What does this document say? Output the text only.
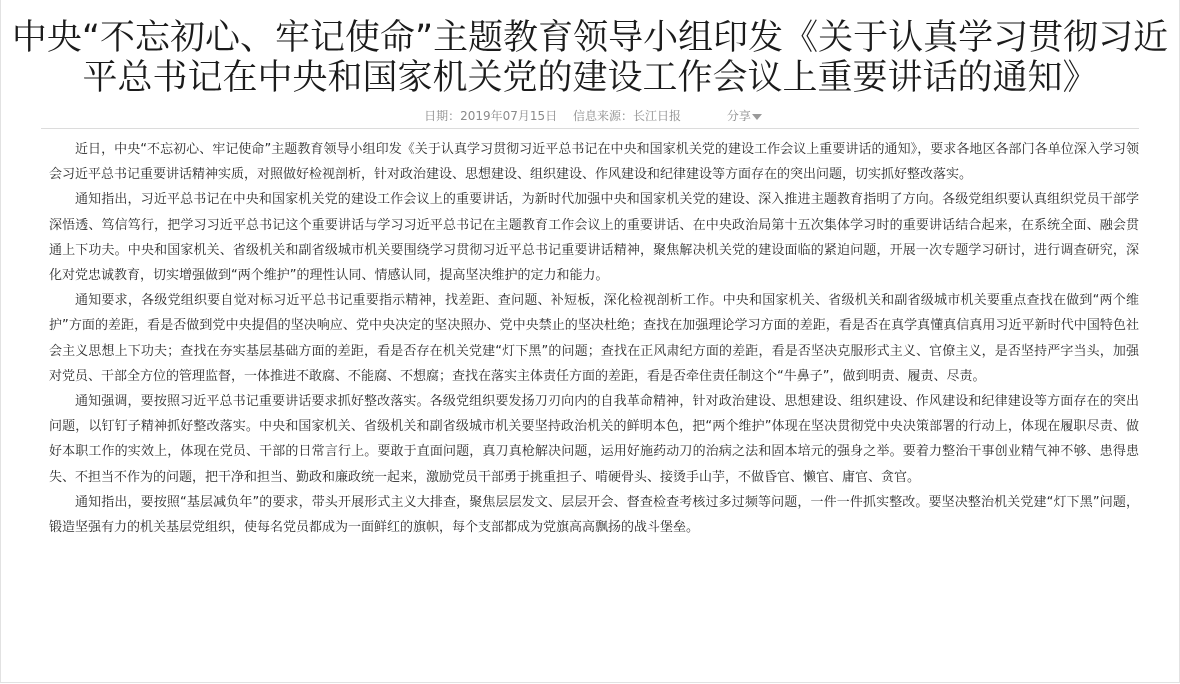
中央“不忘初心、牢记使命”主题教育领导小组印发《关于认真学习贯彻习近平总书记在中央和国家机关党的建设工作会议上重要讲话的通知》
日期：2019年07月15日 信息来源：长江日报	分享

近日，中央“不忘初心、牢记使命”主题教育领导小组印发《关于认真学习贯彻习近平总书记在中央和国家机关党的建设工作会议上重要讲话的通知》，要求各地区各部门各单位深入学习领会习近平总书记重要讲话精神实质，对照做好检视剖析，针对政治建设、思想建设、组织建设、作风建设和纪律建设等方面存在的突出问题，切实抓好整改落实。

通知指出，习近平总书记在中央和国家机关党的建设工作会议上的重要讲话，为新时代加强中央和国家机关党的建设、深入推进主题教育指明了方向。各级党组织要认真组织党员干部学深悟透、笃信笃行，把学习习近平总书记这个重要讲话与学习习近平总书记在主题教育工作会议上的重要讲话、在中央政治局第十五次集体学习时的重要讲话结合起来，在系统全面、融会贯通上下功夫。中央和国家机关、省级机关和副省级城市机关要围绕学习贯彻习近平总书记重要讲话精神，聚焦解决机关党的建设面临的紧迫问题，开展一次专题学习研讨，进行调查研究，深化对党忠诚教育，切实增强做到“两个维护”的理性认同、情感认同，提高坚决维护的定力和能力。

通知要求，各级党组织要自觉对标习近平总书记重要指示精神，找差距、查问题、补短板，深化检视剖析工作。中央和国家机关、省级机关和副省级城市机关要重点查找在做到“两个维护”方面的差距，看是否做到党中央提倡的坚决响应、党中央决定的坚决照办、党中央禁止的坚决杜绝；查找在加强理论学习方面的差距，看是否在真学真懂真信真用习近平新时代中国特色社会主义思想上下功夫；查找在夯实基层基础方面的差距，看是否存在机关党建“灯下黑”的问题；查找在正风肃纪方面的差距，看是否坚决克服形式主义、官僚主义，是否坚持严字当头，加强对党员、干部全方位的管理监督，一体推进不敢腐、不能腐、不想腐；查找在落实主体责任方面的差距，看是否牵住责任制这个“牛鼻子”，做到明责、履责、尽责。

通知强调，要按照习近平总书记重要讲话要求抓好整改落实。各级党组织要发扬刀刃向内的自我革命精神，针对政治建设、思想建设、组织建设、作风建设和纪律建设等方面存在的突出问题，以钉钉子精神抓好整改落实。中央和国家机关、省级机关和副省级城市机关要坚持政治机关的鲜明本色，把“两个维护”体现在坚决贯彻党中央决策部署的行动上，体现在履职尽责、做好本职工作的实效上，体现在党员、干部的日常言行上。要敢于直面问题，真刀真枪解决问题，运用好施药动刀的治病之法和固本培元的强身之举。要着力整治干事创业精气神不够、患得患失、不担当不作为的问题，把干净和担当、勤政和廉政统一起来，激励党员干部勇于挑重担子、啃硬骨头、接烫手山芋，不做昏官、懒官、庸官、贪官。

通知指出，要按照“基层减负年”的要求，带头开展形式主义大排查，聚焦层层发文、层层开会、督查检查考核过多过频等问题，一件一件抓实整改。要坚决整治机关党建“灯下黑”问题，锻造坚强有力的机关基层党组织，使每名党员都成为一面鲜红的旗帜，每个支部都成为党旗高高飘扬的战斗堡垒。
